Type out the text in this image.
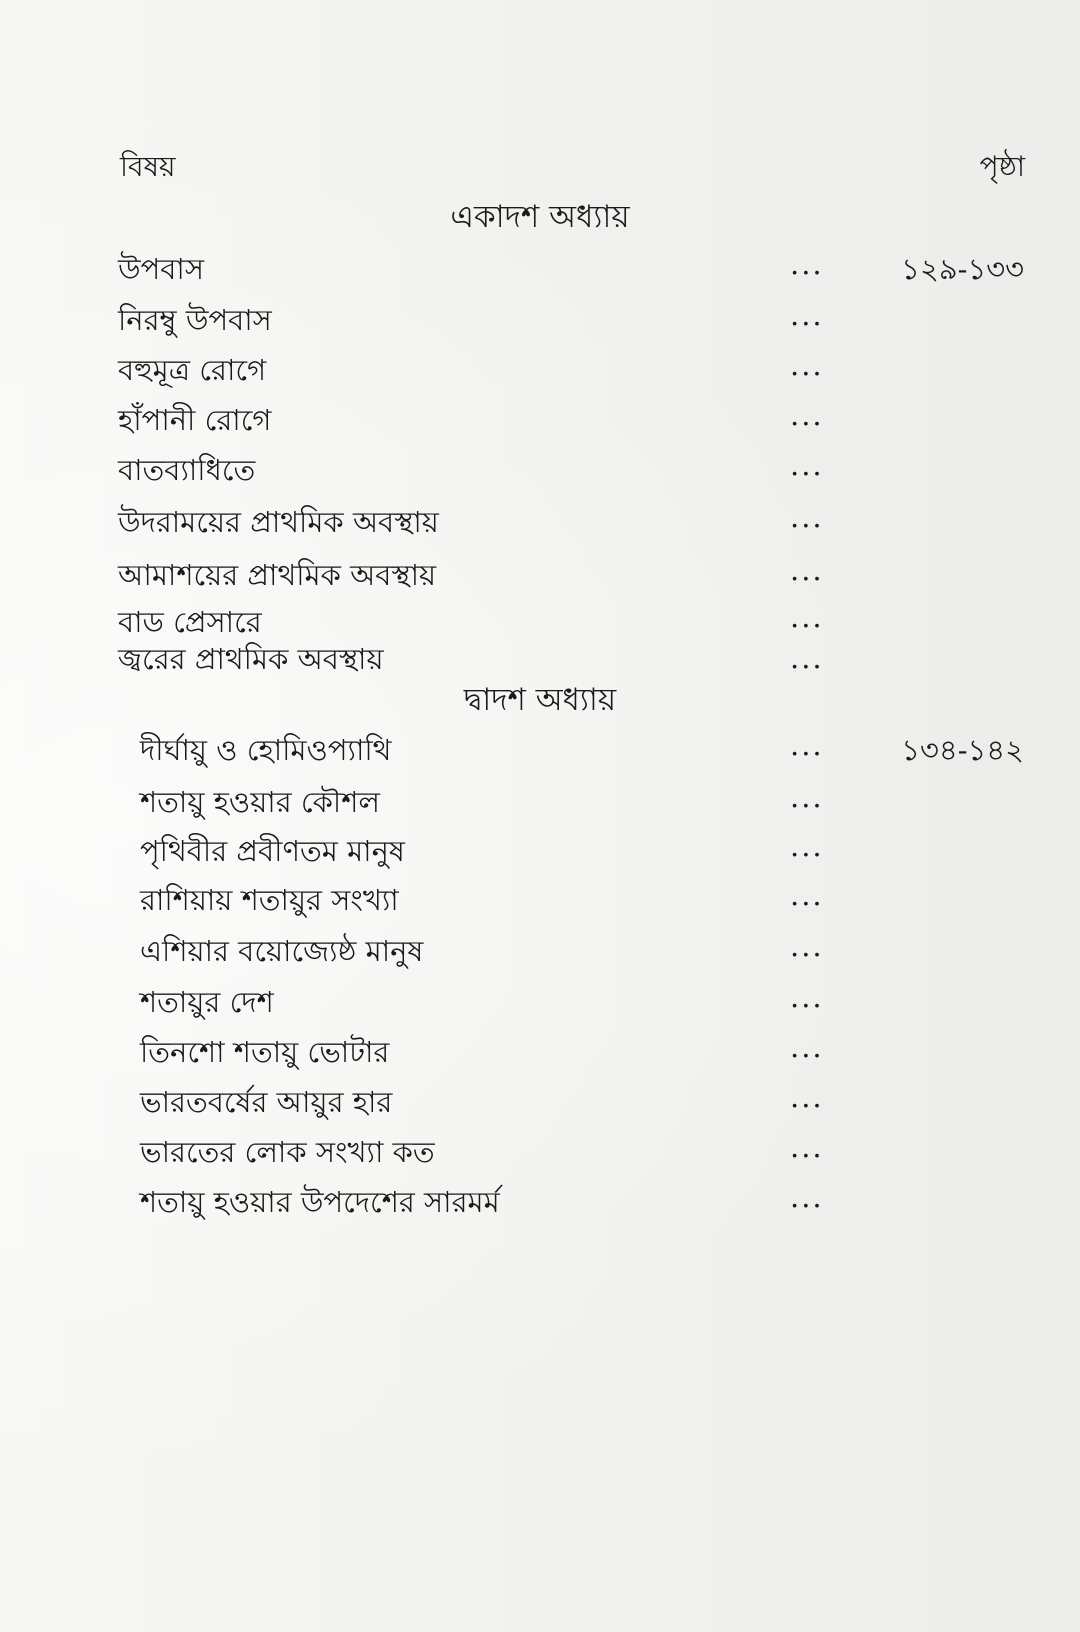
বিষয়	পৃষ্ঠা
একাদশ অধ্যায়
উপবাস	...	১২৯-১৩৩
নিরম্বু উপবাস	...
বহুমূত্র রোগে	...
হাঁপানী রোগে	...
বাতব্যাধিতে	...
উদরাময়ের প্রাথমিক অবস্থায়	...
আমাশয়ের প্রাথমিক অবস্থায়	...
বাড প্রেসারে	...
জ্বরের প্রাথমিক অবস্থায়	...
দ্বাদশ অধ্যায়
দীর্ঘায়ু ও হোমিওপ্যাথি	...	১৩৪-১৪২
শতায়ু হওয়ার কৌশল	...
পৃথিবীর প্রবীণতম মানুষ	...
রাশিয়ায় শতায়ুর সংখ্যা	...
এশিয়ার বয়োজ্যেষ্ঠ মানুষ	...
শতায়ুর দেশ	...
তিনশো শতায়ু ভোটার	...
ভারতবর্ষের আয়ুর হার	...
ভারতের লোক সংখ্যা কত	...
শতায়ু হওয়ার উপদেশের সারমর্ম	...
